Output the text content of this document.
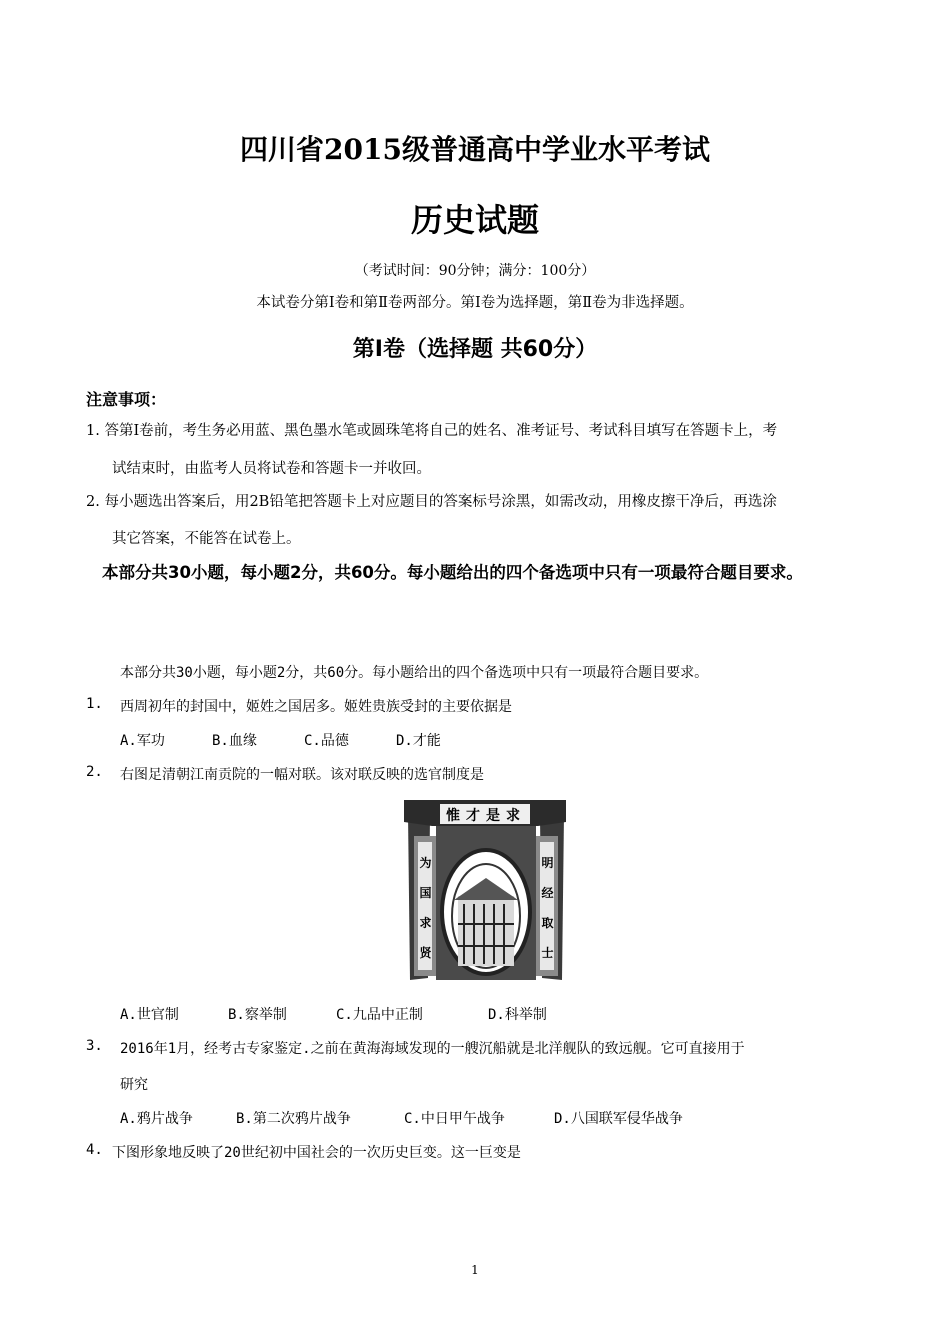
四川省2015级普通高中学业水平考试
历史试题
（考试时间：90分钟；满分：100分）
本试卷分第Ⅰ卷和第Ⅱ卷两部分。第Ⅰ卷为选择题，第Ⅱ卷为非选择题。
第Ⅰ卷（选择题 共60分）
注意事项：
1. 答第Ⅰ卷前，考生务必用蓝、黑色墨水笔或圆珠笔将自己的姓名、准考证号、考试科目填写在答题卡上，考
试结束时，由监考人员将试卷和答题卡一并收回。
2. 每小题选出答案后，用2B铅笔把答题卡上对应题目的答案标号涂黑，如需改动，用橡皮擦干净后，再选涂
其它答案，不能答在试卷上。
本部分共30小题，每小题2分，共60分。每小题给出的四个备选项中只有一项最符合题目要求。
本部分共30小题，每小题2分，共60分。每小题给出的四个备选项中只有一项最符合题目要求。
1. 西周初年的封国中，姬姓之国居多。姬姓贵族受封的主要依据是
A.军功	B.血缘	C.品德	D.才能
2. 右图足清朝江南贡院的一幅对联。该对联反映的选官制度是
惟才是求
为国求贤
明经取士
A.世官制	B.察举制	C.九品中正制	D.科举制
3. 2016年1月，经考古专家鉴定.之前在黄海海域发现的一艘沉船就是北洋舰队的致远舰。它可直接用于
研究
A.鸦片战争	B.第二次鸦片战争	C.中日甲午战争	D.八国联军侵华战争
4. 下图形象地反映了20世纪初中国社会的一次历史巨变。这一巨变是
1
